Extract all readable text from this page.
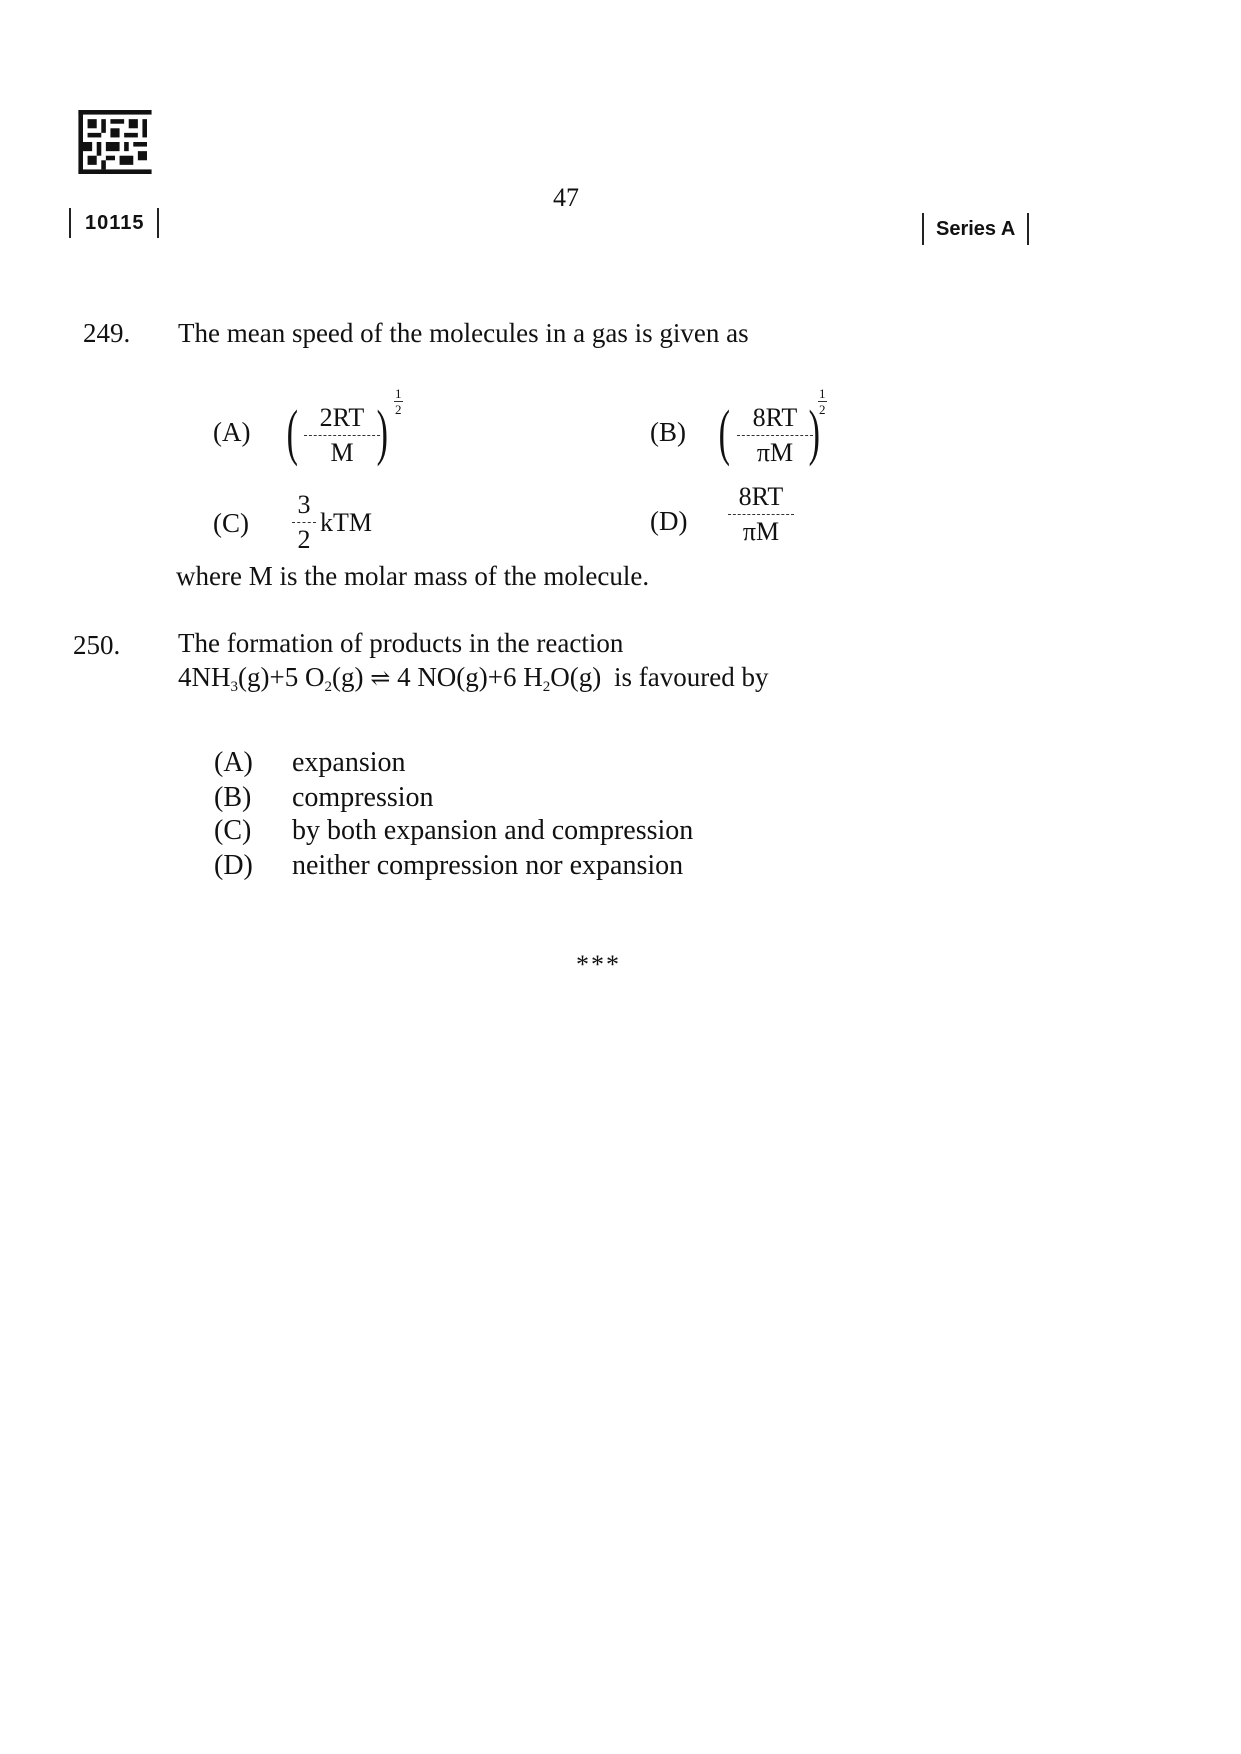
47
10115	Series A
249. The mean speed of the molecules in a gas is given as
(A) ( $\frac{2RT}{M}$
) $\frac{1}{2}$
(B) ( $\frac{8RT}{\pi M}$
)
$\frac{1}{2}$
$(C) \frac{3}{2}$ kTM	$(D) \frac{8RT}{\pi M}$
where M is the molar mass of the molecule.
250. The formation of products in the reaction
$4NH_3(g)+5$ $O_2(g)$ ⇌ 4 NO(g)+6 $H_2O(g)$ is favoured by
(A) expansion
(B) compression
(C) by both expansion and compression
(D) neither compression nor expansion
***
